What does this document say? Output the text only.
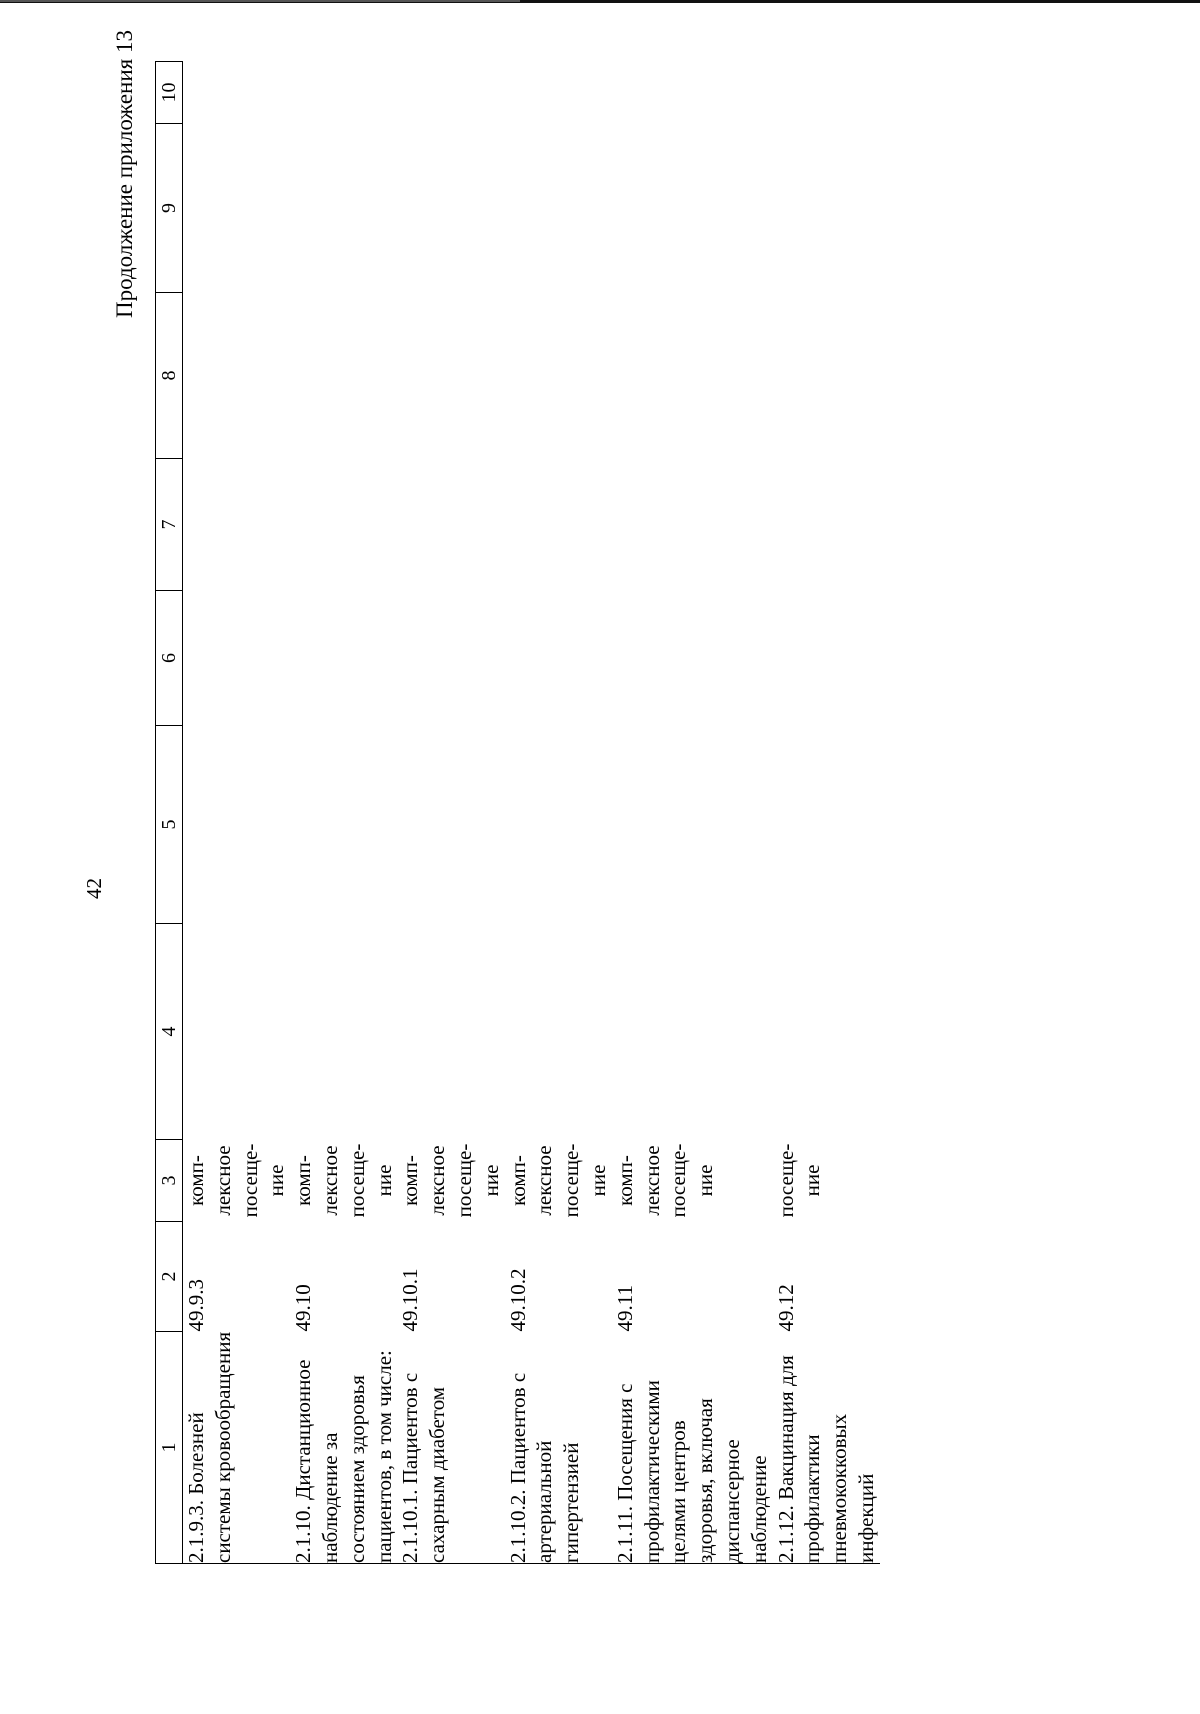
42
Продолжение приложения 13
1	2	3	4	5	6	7	8	9	10
2.1.9.3. Болезней системы кровообращения	49.9.3	комп-лексное посеще-ние							
2.1.10. Дистанционное наблюдение за состоянием здоровья пациентов, в том числе:	49.10	комп-лексное посеще-ние							
2.1.10.1. Пациентов с сахарным диабетом	49.10.1	комп-лексное посеще-ние							
2.1.10.2. Пациентов с артериальной гипертензией	49.10.2	комп-лексное посеще-ние							
2.1.11. Посещения с профилактическими целями центров здоровья, включая диспансерное наблюдение	49.11	комп-лексное посеще-ние							
2.1.12. Вакцинация для профилактики пневмококковых инфекций	49.12	посеще-ние							
